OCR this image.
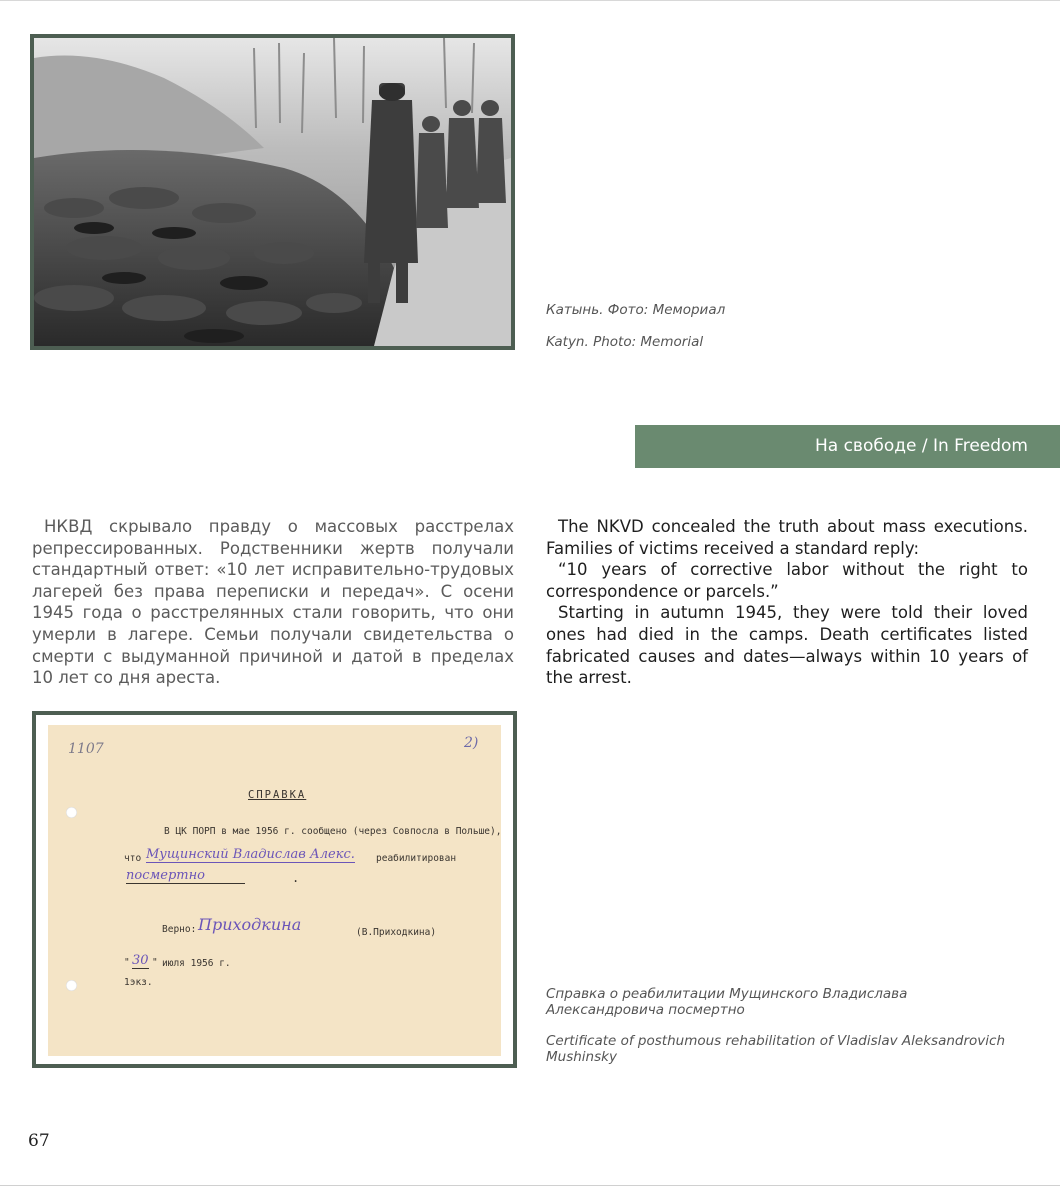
Катынь. Фото: Мемориал
Katyn. Photo: Memorial
На свободе / In Freedom

НКВД скрывало правду о массовых расстрелах репрессированных. Родственники жертв получали стандартный ответ: «10 лет исправительно-трудовых лагерей без права переписки и передач». С осени 1945 года о расстрелянных стали говорить, что они умерли в лагере. Семьи получали свидетельства о смерти с выдуманной причиной и датой в пределах 10 лет со дня ареста.

The NKVD concealed the truth about mass executions. Families of victims received a standard reply:

“10 years of corrective labor without the right to correspondence or parcels.”

Starting in autumn 1945, they were told their loved ones had died in the camps. Death certificates listed fabricated causes and dates—always within 10 years of the arrest.

1107	2)
СПРАВКА
В ЦК ПОРП в мае 1956 г. сообщено (через Совпосла в Польше),
что Мущинский Владислав Алекс. реабилитирован
посмертно	.
Верно: Приходкина	(В.Приходкина)
" 30 " июля 1956 г.
1экз.
Справка о реабилитации Мущинского Владислава Александровича посмертно
Certificate of posthumous rehabilitation of Vladislav Aleksandrovich Mushinsky
67
